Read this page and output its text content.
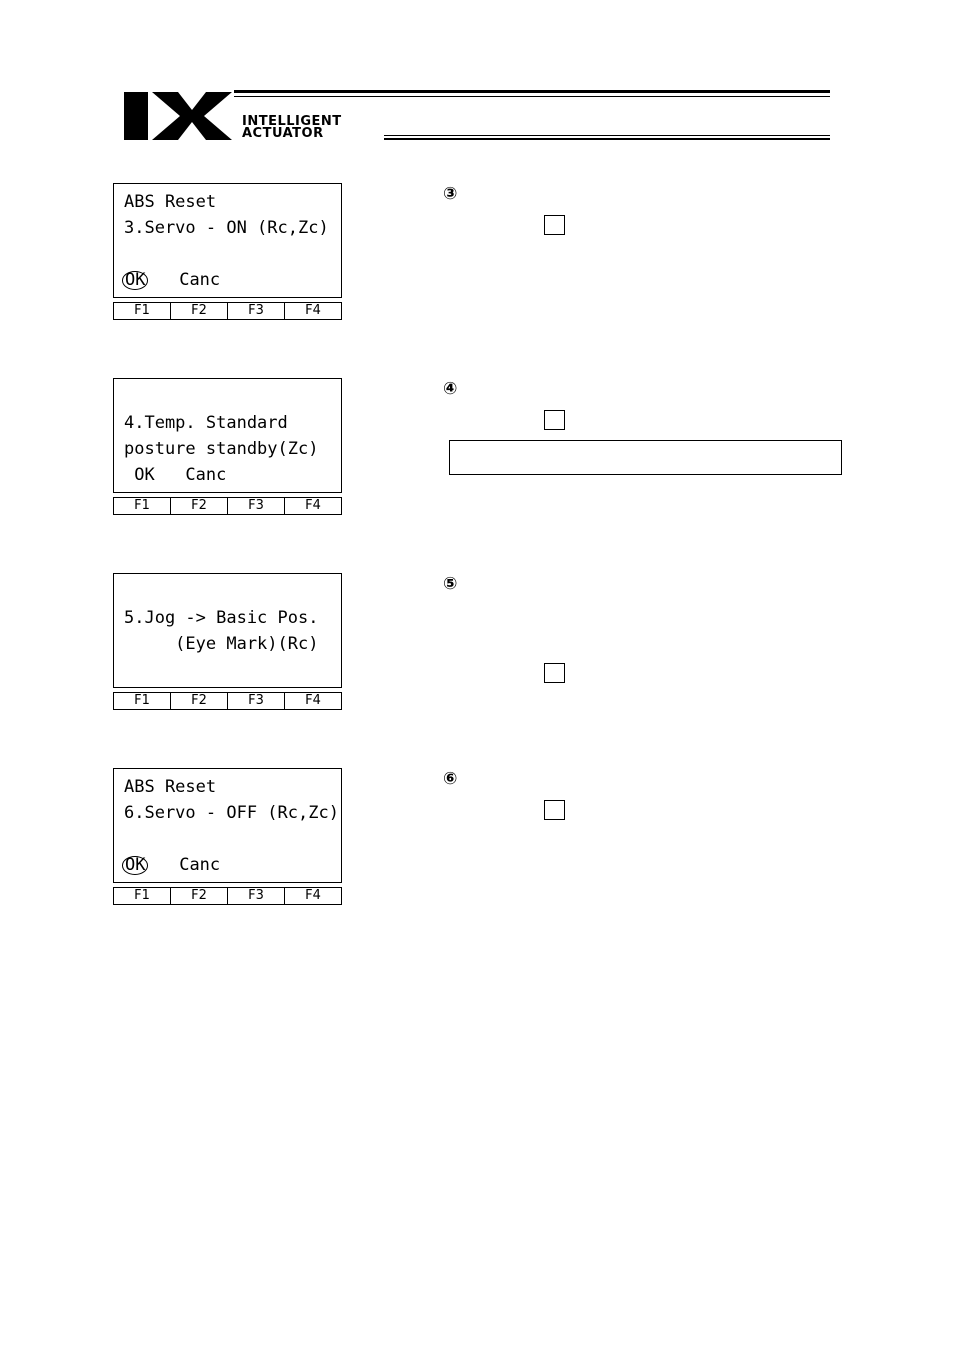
INTELLIGENT
ACTUATOR
ABS Reset
3.Servo - ON (Rc,Zc)
OK Canc
F1	F2	F3	F4
4.Temp. Standard
posture standby(Zc)
OK   Canc
F1	F2	F3	F4
5.Jog -> Basic Pos.
(Eye Mark)(Rc)
F1	F2	F3	F4
ABS Reset
6.Servo - OFF (Rc,Zc)
OK Canc
F1	F2	F3	F4
③
④
⑤
⑥
